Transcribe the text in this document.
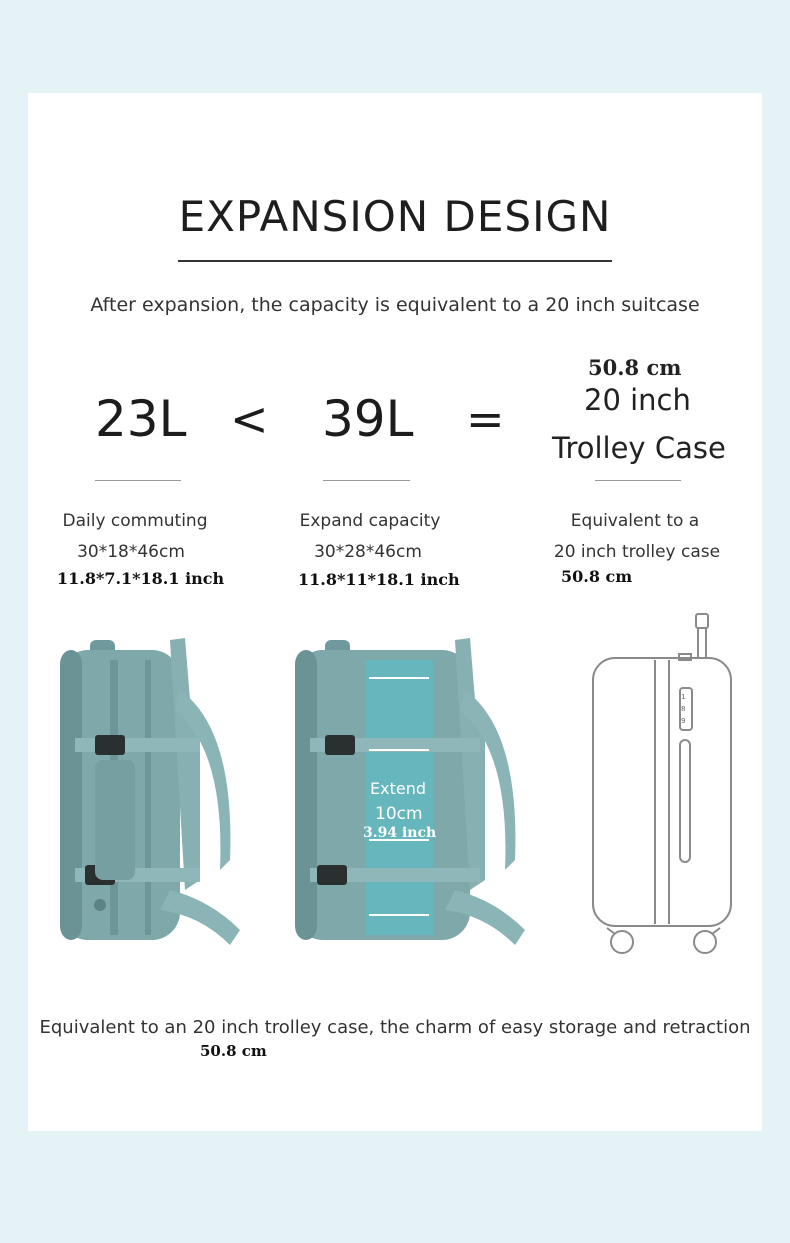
EXPANSION DESIGN
After expansion, the capacity is equivalent to a 20 inch suitcase
23L < 39L =
50.8 cm
20 inch
Trolley Case
Daily commuting
30*18*46cm
11.8*7.1*18.1 inch
Expand capacity
30*28*46cm
11.8*11*18.1 inch
Equivalent to a
20 inch trolley case
50.8 cm
Extend
10cm
3.94 inch
1
8
9
Equivalent to an 20 inch trolley case, the charm of easy storage and retraction
50.8 cm
